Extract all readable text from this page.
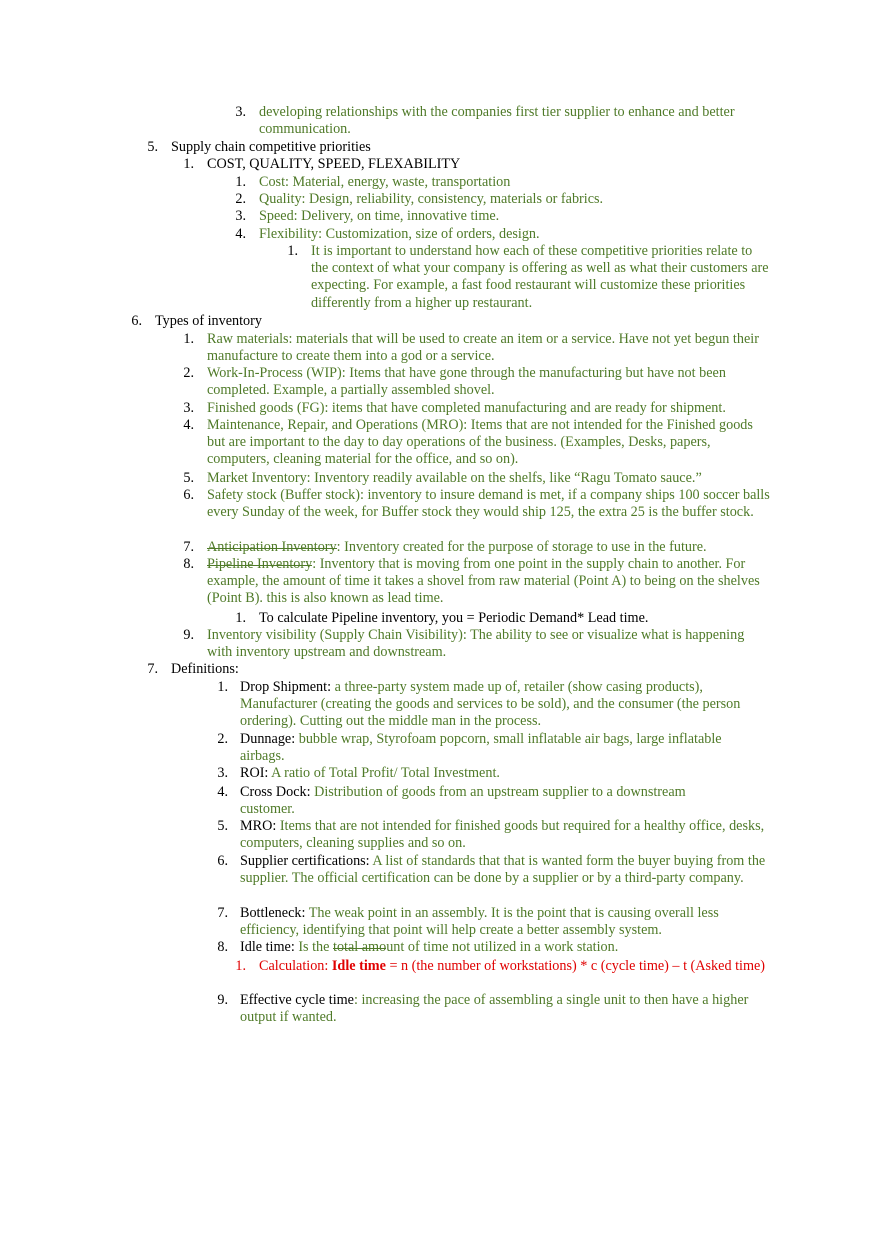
3. developing relationships with the companies first tier supplier to enhance and better communication.
5. Supply chain competitive priorities
1. COST, QUALITY, SPEED, FLEXABILITY
1. Cost: Material, energy, waste, transportation
2. Quality: Design, reliability, consistency, materials or fabrics.
3. Speed: Delivery, on time, innovative time.
4. Flexibility: Customization, size of orders, design.
1. It is important to understand how each of these competitive priorities relate to the context of what your company is offering as well as what their customers are expecting. For example, a fast food restaurant will customize these priorities differently from a higher up restaurant.
6. Types of inventory
1. Raw materials: materials that will be used to create an item or a service. Have not yet begun their manufacture to create them into a god or a service.
2. Work-In-Process (WIP): Items that have gone through the manufacturing but have not been completed. Example, a partially assembled shovel.
3. Finished goods (FG): items that have completed manufacturing and are ready for shipment.
4. Maintenance, Repair, and Operations (MRO): Items that are not intended for the Finished goods but are important to the day to day operations of the business. (Examples, Desks, papers, computers, cleaning material for the office, and so on).
5. Market Inventory: Inventory readily available on the shelfs, like “Ragu Tomato sauce.”
6. Safety stock (Buffer stock): inventory to insure demand is met, if a company ships 100 soccer balls every Sunday of the week, for Buffer stock they would ship 125, the extra 25 is the buffer stock.
7. Anticipation Inventory: Inventory created for the purpose of storage to use in the future.
8. Pipeline Inventory: Inventory that is moving from one point in the supply chain to another. For example, the amount of time it takes a shovel from raw material (Point A) to being on the shelves (Point B). this is also known as lead time.
1. To calculate Pipeline inventory, you = Periodic Demand* Lead time.
9. Inventory visibility (Supply Chain Visibility): The ability to see or visualize what is happening with inventory upstream and downstream.
7. Definitions:
1. Drop Shipment: a three-party system made up of, retailer (show casing products), Manufacturer (creating the goods and services to be sold), and the consumer (the person ordering). Cutting out the middle man in the process.
2. Dunnage: bubble wrap, Styrofoam popcorn, small inflatable air bags, large inflatable airbags.
3. ROI: A ratio of Total Profit/ Total Investment.
4. Cross Dock: Distribution of goods from an upstream supplier to a downstream customer.
5. MRO: Items that are not intended for finished goods but required for a healthy office, desks, computers, cleaning supplies and so on.
6. Supplier certifications: A list of standards that that is wanted form the buyer buying from the supplier. The official certification can be done by a supplier or by a third-party company.
7. Bottleneck: The weak point in an assembly. It is the point that is causing overall less efficiency, identifying that point will help create a better assembly system.
8. Idle time: Is the total amount of time not utilized in a work station.
1. Calculation: Idle time = n (the number of workstations) * c (cycle time) – t (Asked time)
9. Effective cycle time: increasing the pace of assembling a single unit to then have a higher output if wanted.
